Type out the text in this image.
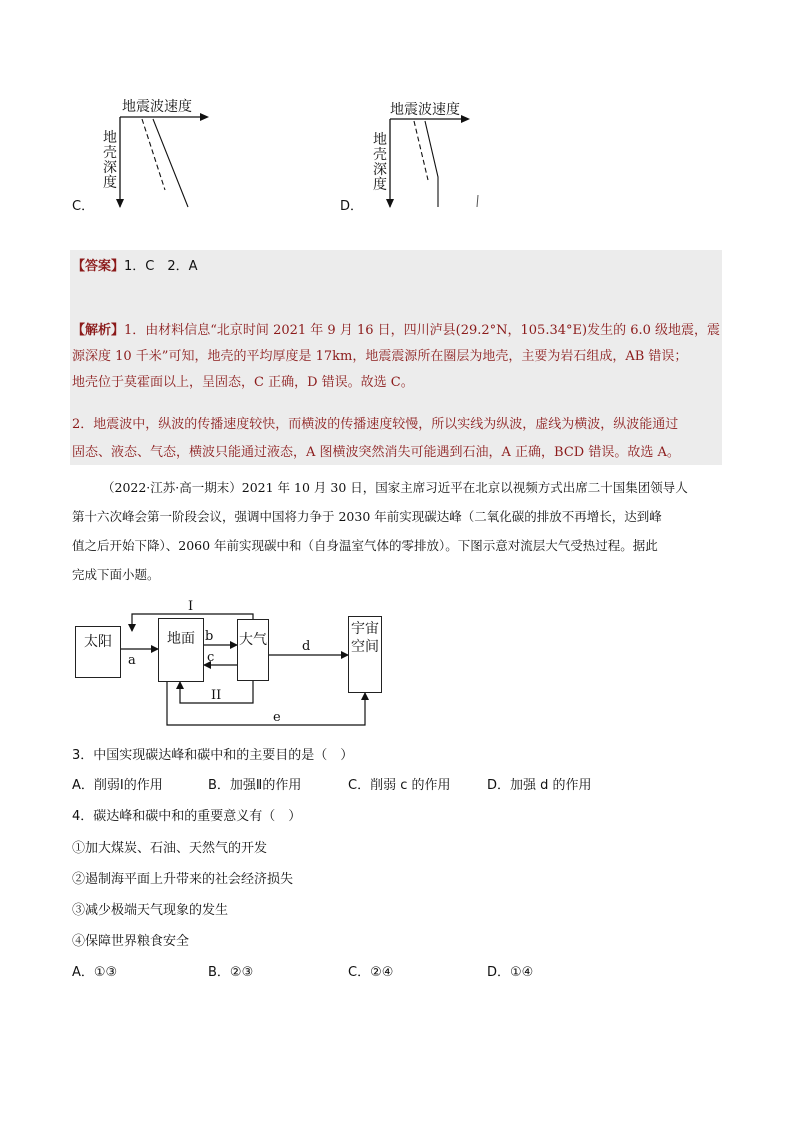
地震波速度
地壳深度
C．
地震波速度
地壳深度
D．
【答案】1．C　2．A
【解析】1．由材料信息“北京时间 2021 年 9 月 16 日，四川泸县(29.2°N，105.34°E)发生的 6.0 级地震，震
源深度 10 千米”可知，地壳的平均厚度是 17km，地震震源所在圈层为地壳，主要为岩石组成，AB 错误；
地壳位于莫霍面以上，呈固态，C 正确，D 错误。故选 C。
2．地震波中，纵波的传播速度较快，而横波的传播速度较慢，所以实线为纵波，虚线为横波，纵波能通过
固态、液态、气态，横波只能通过液态，A 图横波突然消失可能遇到石油，A 正确，BCD 错误。故选 A。
（2022·江苏·高一期末）2021 年 10 月 30 日，国家主席习近平在北京以视频方式出席二十国集团领导人
第十六次峰会第一阶段会议，强调中国将力争于 2030 年前实现碳达峰（二氧化碳的排放不再增长，达到峰
值之后开始下降）、2060 年前实现碳中和（自身温室气体的零排放）。下图示意对流层大气受热过程。据此
完成下面小题。
太阳	地面	大气
宇宙空间
I
a
b
c
d
II
e
3．中国实现碳达峰和碳中和的主要目的是（　）
A．削弱Ⅰ的作用	B．加强Ⅱ的作用	C．削弱 c 的作用	D．加强 d 的作用
4．碳达峰和碳中和的重要意义有（　）
①加大煤炭、石油、天然气的开发
②遏制海平面上升带来的社会经济损失
③减少极端天气现象的发生
④保障世界粮食安全
A．①③	B．②③	C．②④	D．①④
